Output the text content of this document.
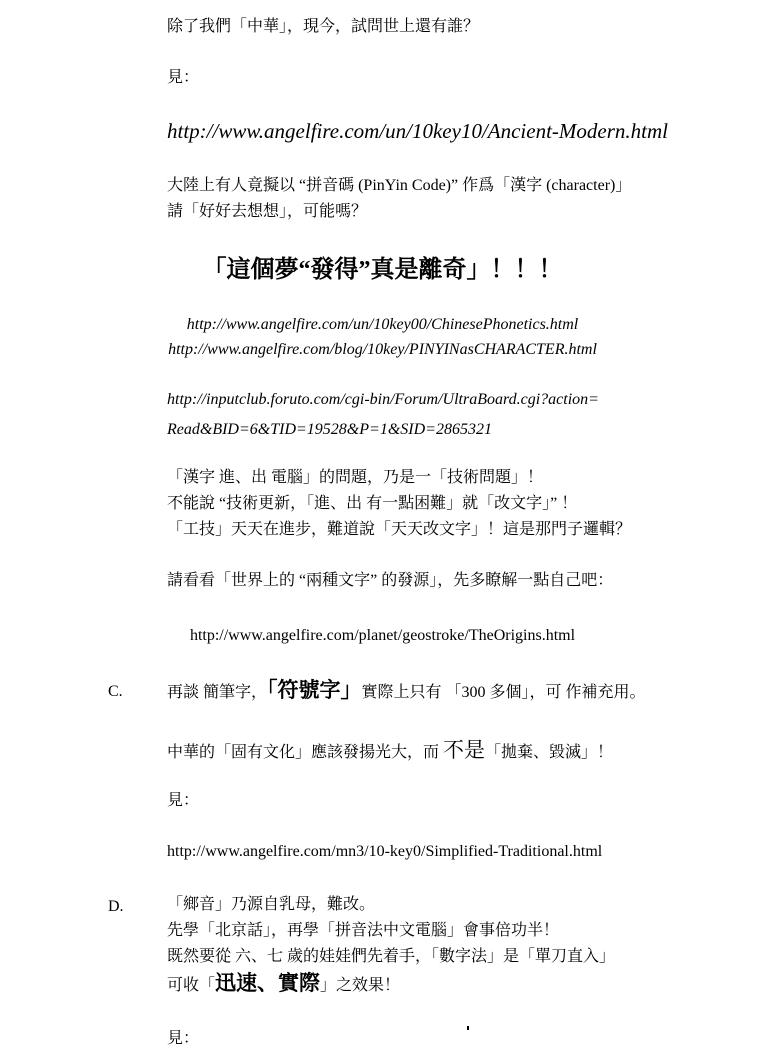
除了我們「中華」，現今，試問世上還有誰？
見：
http://www.angelfire.com/un/10key10/Ancient-Modern.html
大陸上有人竟擬以 “拼音碼 (PinYin Code)” 作爲「漢字 (character)」
請「好好去想想」，可能嗎？
「這個夢“發得”真是離奇」！！！
http://www.angelfire.com/un/10key00/ChinesePhonetics.html
http://www.angelfire.com/blog/10key/PINYINasCHARACTER.html
http://inputclub.foruto.com/cgi-bin/Forum/UltraBoard.cgi?action=
Read&BID=6&TID=19528&P=1&SID=2865321
「漢字 進、出 電腦」的問題，乃是一「技術問題」！
不能說 “技術更新，「進、出 有一點困難」就「改文字」” ！
「工技」天天在進步，難道說「天天改文字」！這是那門子邏輯？
請看看「世界上的 “兩種文字” 的發源」，先多瞭解一點自己吧：
http://www.angelfire.com/planet/geostroke/TheOrigins.html
C.	再談 簡筆字，「符號字」實際上只有 「300 多個」，可 作補充用。
中華的「固有文化」應該發揚光大，而 不是「拋棄、毀滅」！
見：
http://www.angelfire.com/mn3/10-key0/Simplified-Traditional.html
D.	「鄉音」乃源自乳母，難改。
先學「北京話」，再學「拼音法中文電腦」會事倍功半！
既然要從 六、七 歲的娃娃們先着手，「數字法」是「單刀直入」
可收「迅速、實際」之效果！
見：
